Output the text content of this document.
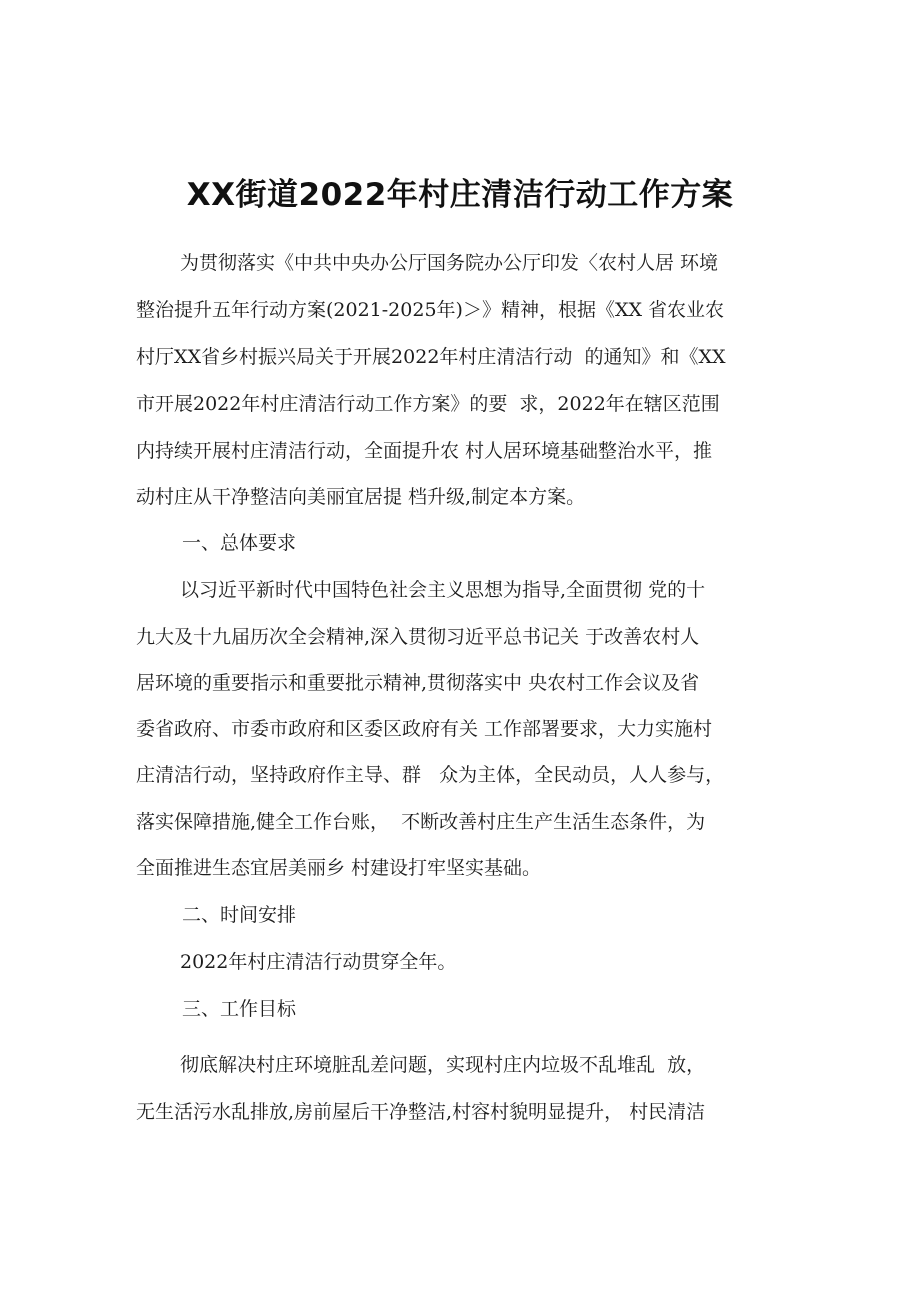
XX街道2022年村庄清洁行动工作方案
为贯彻落实《中共中央办公厅国务院办公厅印发〈农村人居 环境
整治提升五年行动方案(2021-2025年)＞》精神，根据《XX 省农业农
村厅XX省乡村振兴局关于开展2022年村庄清洁行动  的通知》和《XX
市开展2022年村庄清洁行动工作方案》的要  求，2022年在辖区范围
内持续开展村庄清洁行动，全面提升农 村人居环境基础整治水平，推
动村庄从干净整洁向美丽宜居提 档升级,制定本方案。
一、总体要求
以习近平新时代中国特色社会主义思想为指导,全面贯彻 党的十
九大及十九届历次全会精神,深入贯彻习近平总书记关 于改善农村人
居环境的重要指示和重要批示精神,贯彻落实中 央农村工作会议及省
委省政府、市委市政府和区委区政府有关 工作部署要求，大力实施村
庄清洁行动，坚持政府作主导、群   众为主体，全民动员，人人参与，
落实保障措施,健全工作台账，  不断改善村庄生产生活生态条件，为
全面推进生态宜居美丽乡 村建设打牢坚实基础。
二、时间安排
2022年村庄清洁行动贯穿全年。
三、工作目标
彻底解决村庄环境脏乱差问题，实现村庄内垃圾不乱堆乱  放，
无生活污水乱排放,房前屋后干净整洁,村容村貌明显提升， 村民清洁
